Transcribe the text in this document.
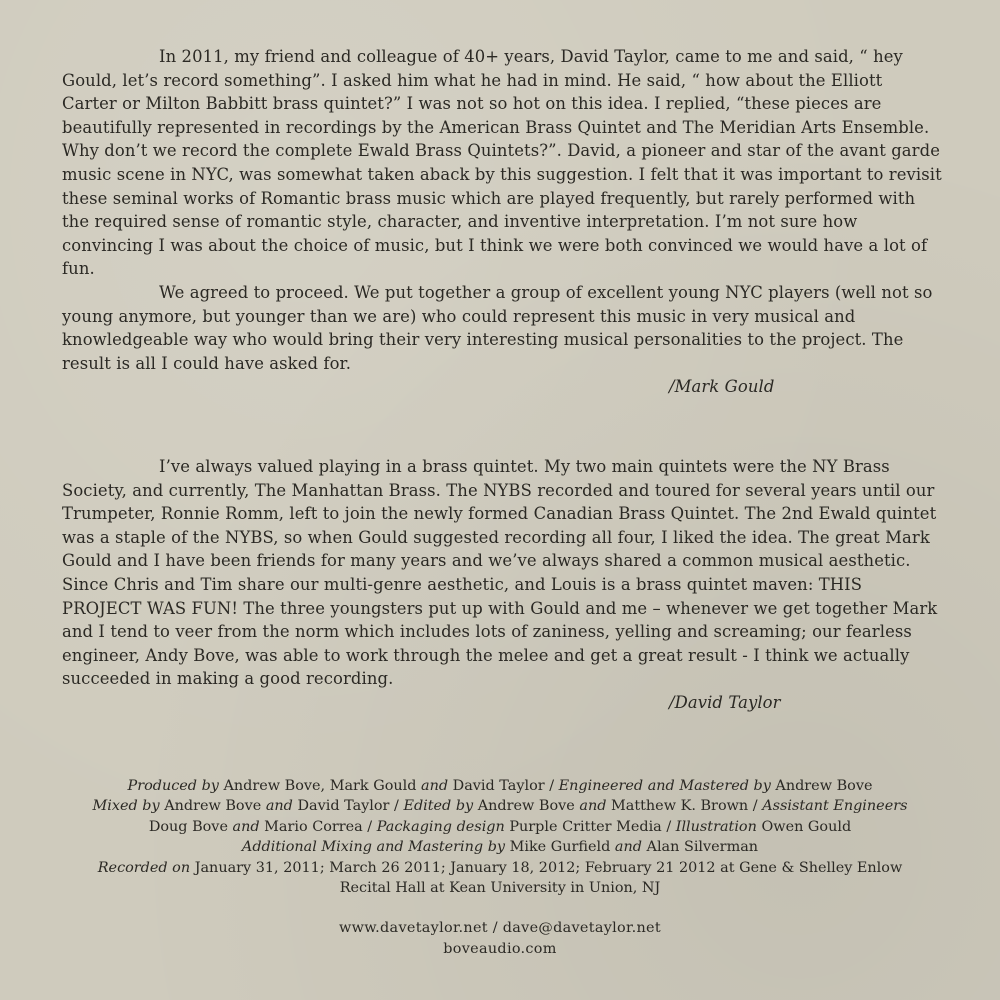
In 2011, my friend and colleague of 40+ years, David Taylor, came to me and said, “ hey Gould, let’s record something”. I asked him what he had in mind. He said, “ how about the Elliott Carter or Milton Babbitt brass quintet?” I was not so hot on this idea. I replied, “these pieces are beautifully represented in recordings by the American Brass Quintet and The Meridian Arts Ensemble. Why don’t we record the complete Ewald Brass Quintets?”. David, a pioneer and star of the avant garde music scene in NYC, was somewhat taken aback by this suggestion. I felt that it was important to revisit these seminal works of Romantic brass music which are played frequently, but rarely performed with the required sense of romantic style, character, and inventive interpretation. I’m not sure how convincing I was about the choice of music, but I think we were both convinced we would have a lot of fun.

We agreed to proceed. We put together a group of excellent young NYC players (well not so young anymore, but younger than we are) who could represent this music in very musical and knowledgeable way who would bring their very interesting musical personalities to the project. The result is all I could have asked for.

/Mark Gould

I’ve always valued playing in a brass quintet. My two main quintets were the NY Brass Society, and currently, The Manhattan Brass. The NYBS recorded and toured for several years until our Trumpeter, Ronnie Romm, left to join the newly formed Canadian Brass Quintet. The 2nd Ewald quintet was a staple of the NYBS, so when Gould suggested recording all four, I liked the idea. The great Mark Gould and I have been friends for many years and we’ve always shared a common musical aesthetic. Since Chris and Tim share our multi-genre aesthetic, and Louis is a brass quintet maven: THIS PROJECT WAS FUN! The three youngsters put up with Gould and me – whenever we get together Mark and I tend to veer from the norm which includes lots of zaniness, yelling and screaming; our fearless engineer, Andy Bove, was able to work through the melee and get a great result - I think we actually succeeded in making a good recording.

/David Taylor
Produced by Andrew Bove, Mark Gould and David Taylor / Engineered and Mastered by Andrew Bove
Mixed by Andrew Bove and David Taylor / Edited by Andrew Bove and Matthew K. Brown / Assistant Engineers
Doug Bove and Mario Correa / Packaging design Purple Critter Media / Illustration Owen Gould
Additional Mixing and Mastering by Mike Gurfield and Alan Silverman
Recorded on January 31, 2011; March 26 2011; January 18, 2012; February 21 2012 at Gene & Shelley Enlow
Recital Hall at Kean University in Union, NJ
www.davetaylor.net / dave@davetaylor.net
boveaudio.com
